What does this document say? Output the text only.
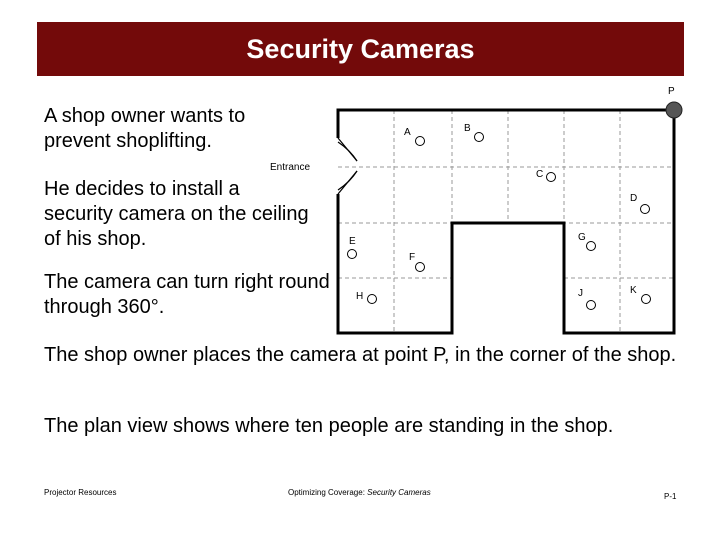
Security Cameras
A shop owner wants to prevent shoplifting.
He decides to install a security camera on the ceiling of his shop.
The camera can turn right round through 360°.
The shop owner places the camera at point P, in the corner of the shop.
The plan view shows where ten people are standing in the shop.
Entrance
P
A	B
C
D
E
F
G
H	J	K
Projector Resources	Optimizing Coverage: Security Cameras	P-1
